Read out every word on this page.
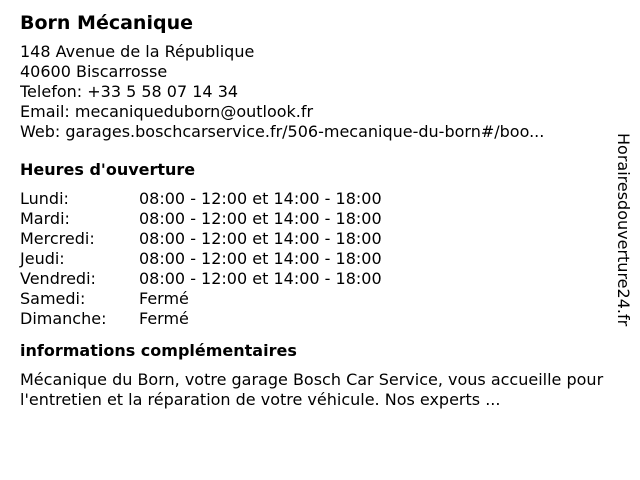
Born Mécanique
148 Avenue de la République
40600 Biscarrosse
Telefon: +33 5 58 07 14 34
Email: mecaniqueduborn@outlook.fr
Web: garages.boschcarservice.fr/506-mecanique-du-born#/boo...
Heures d'ouverture
Lundi:	08:00 - 12:00 et 14:00 - 18:00
Mardi:	08:00 - 12:00 et 14:00 - 18:00
Mercredi:	08:00 - 12:00 et 14:00 - 18:00
Jeudi:	08:00 - 12:00 et 14:00 - 18:00
Vendredi:	08:00 - 12:00 et 14:00 - 18:00
Samedi:	Fermé
Dimanche:	Fermé
informations complémentaires
Mécanique du Born, votre garage Bosch Car Service, vous accueille pour l'entretien et la réparation de votre véhicule. Nos experts ...
Horairesdouverture24.fr
